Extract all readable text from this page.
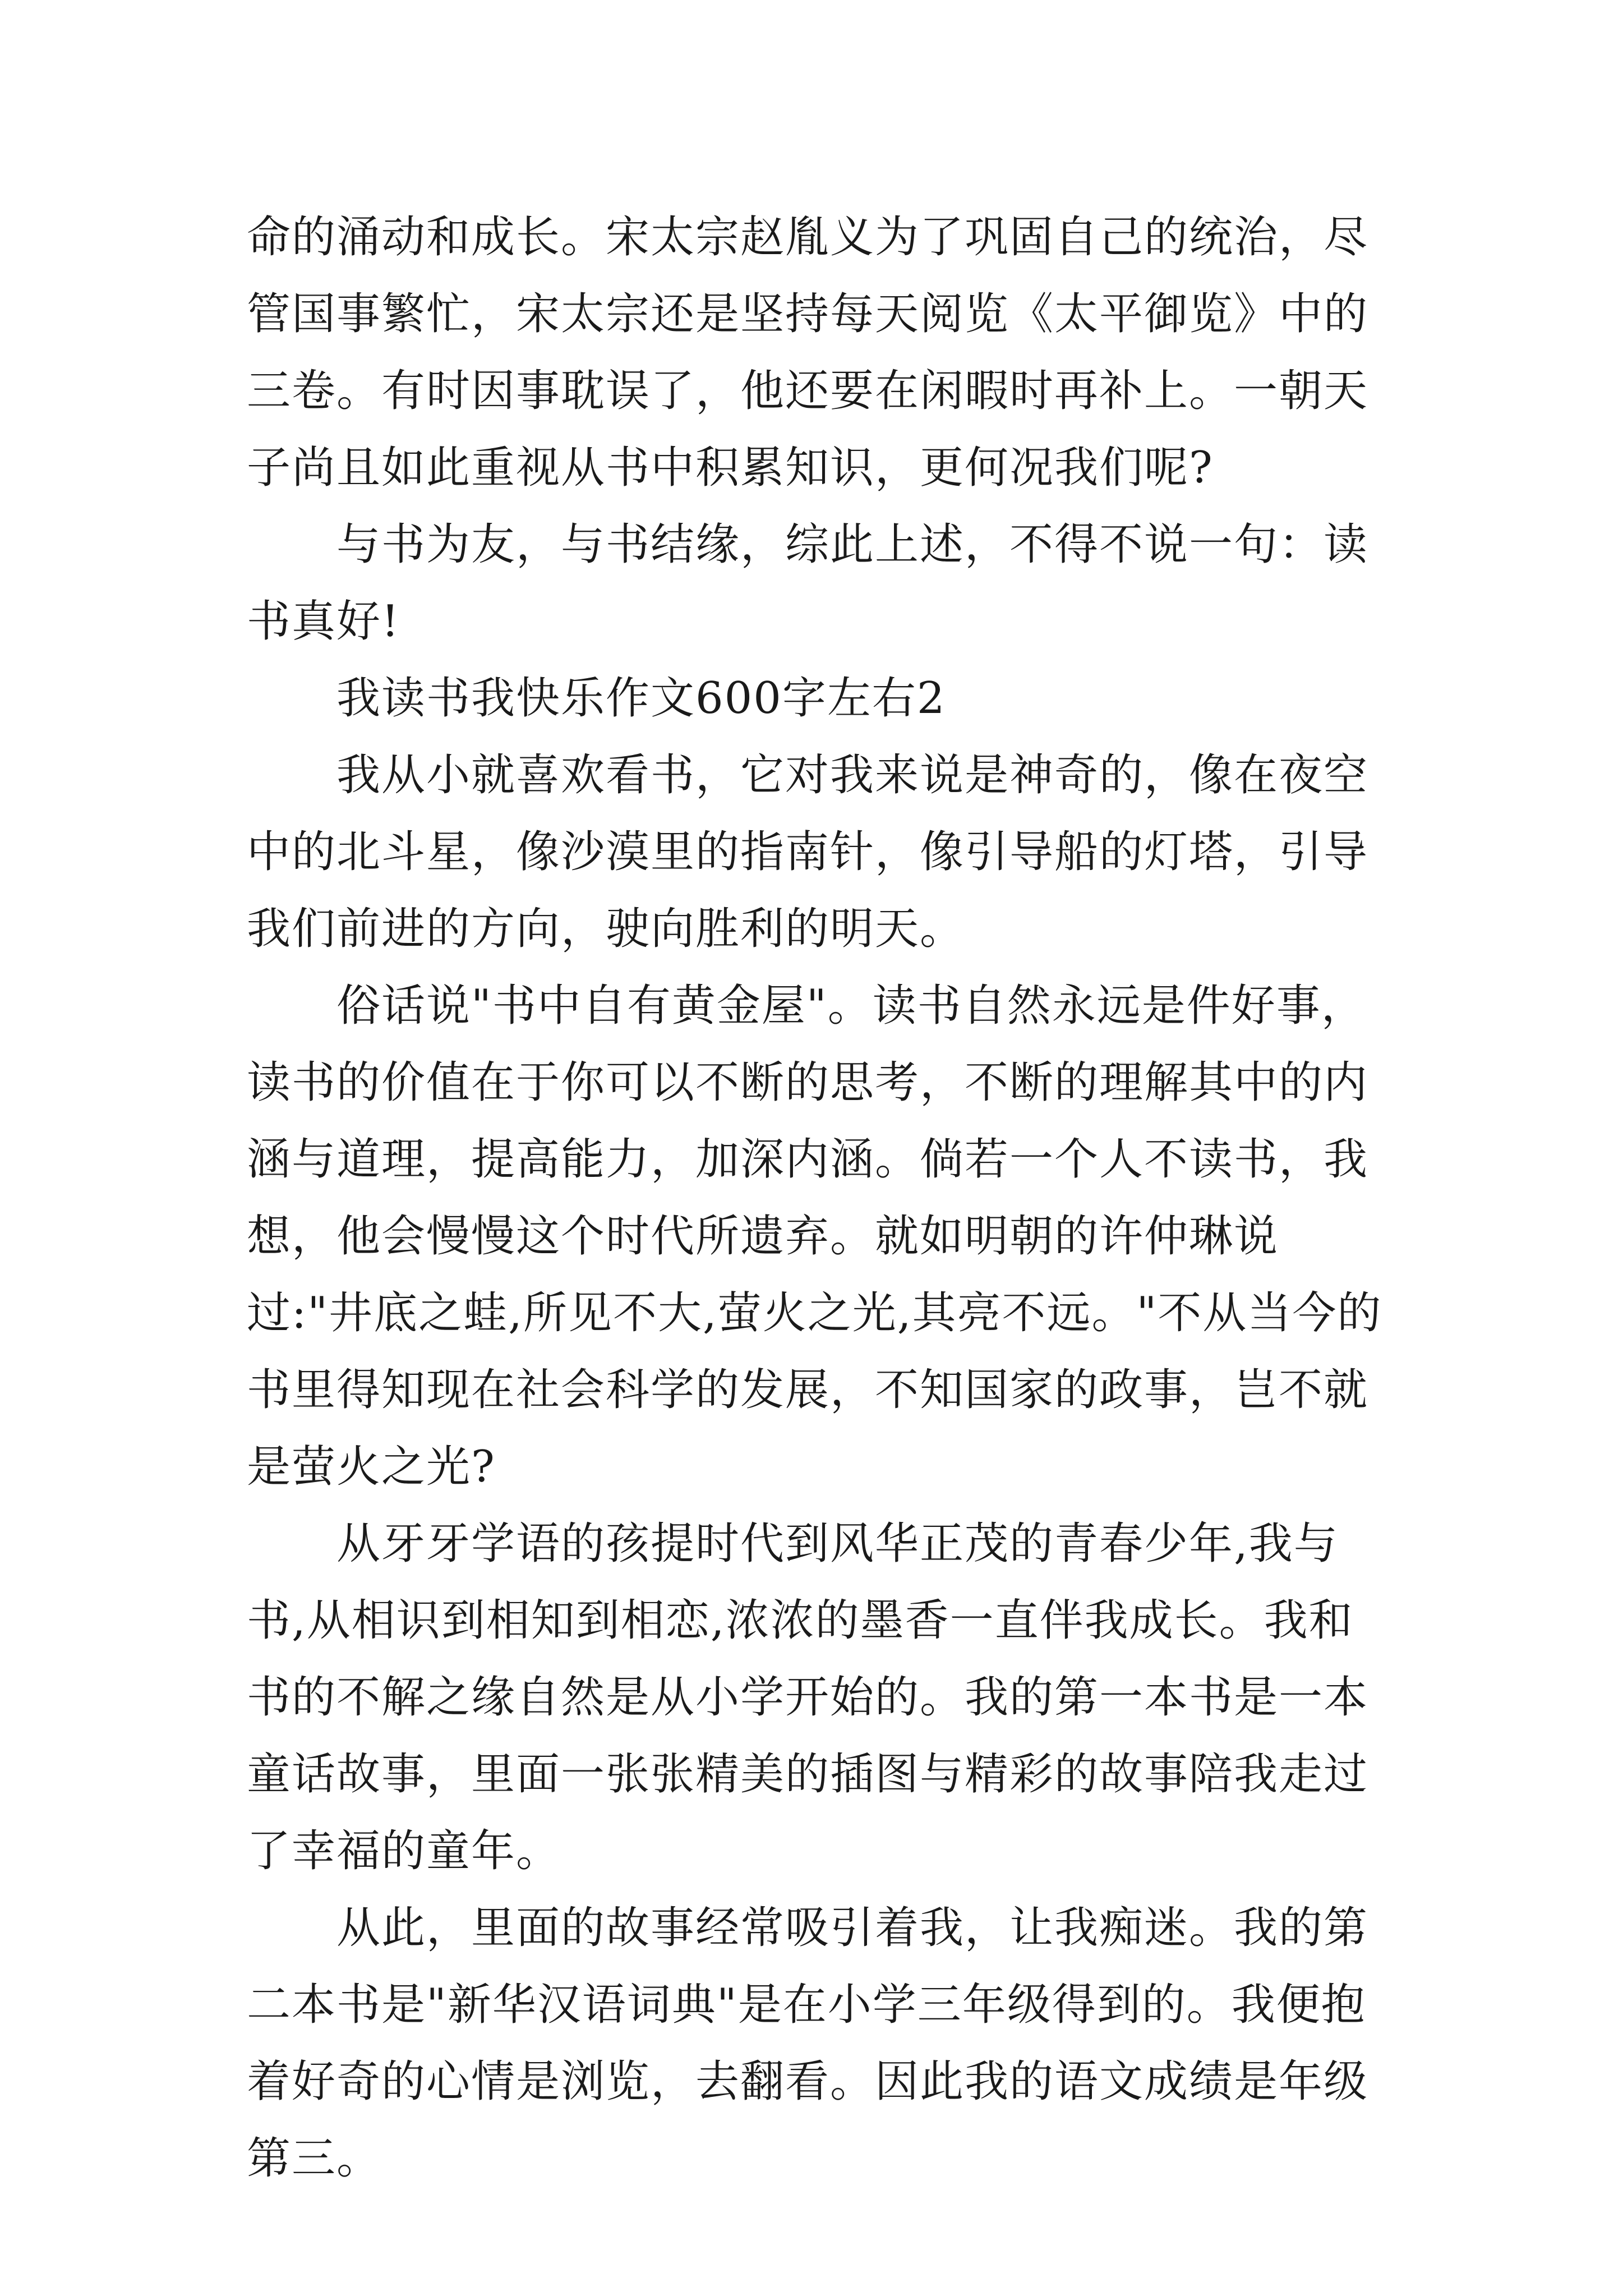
命的涌动和成长。宋太宗赵胤义为了巩固自己的统治，尽管国事繁忙，宋太宗还是坚持每天阅览《太平御览》中的三卷。有时因事耽误了，他还要在闲暇时再补上。一朝天子尚且如此重视从书中积累知识，更何况我们呢?

与书为友，与书结缘，综此上述，不得不说一句：读书真好!

我读书我快乐作文600字左右2

我从小就喜欢看书，它对我来说是神奇的，像在夜空中的北斗星，像沙漠里的指南针，像引导船的灯塔，引导我们前进的方向，驶向胜利的明天。

俗话说"书中自有黄金屋"。读书自然永远是件好事，读书的价值在于你可以不断的思考，不断的理解其中的内涵与道理，提高能力，加深内涵。倘若一个人不读书，我想，他会慢慢这个时代所遗弃。就如明朝的许仲琳说过:"井底之蛙,所见不大,萤火之光,其亮不远。"不从当今的书里得知现在社会科学的发展，不知国家的政事，岂不就是萤火之光?

从牙牙学语的孩提时代到风华正茂的青春少年,我与书,从相识到相知到相恋,浓浓的墨香一直伴我成长。我和书的不解之缘自然是从小学开始的。我的第一本书是一本童话故事，里面一张张精美的插图与精彩的故事陪我走过了幸福的童年。

从此，里面的故事经常吸引着我，让我痴迷。我的第二本书是"新华汉语词典"是在小学三年级得到的。我便抱着好奇的心情是浏览，去翻看。因此我的语文成绩是年级第三。
